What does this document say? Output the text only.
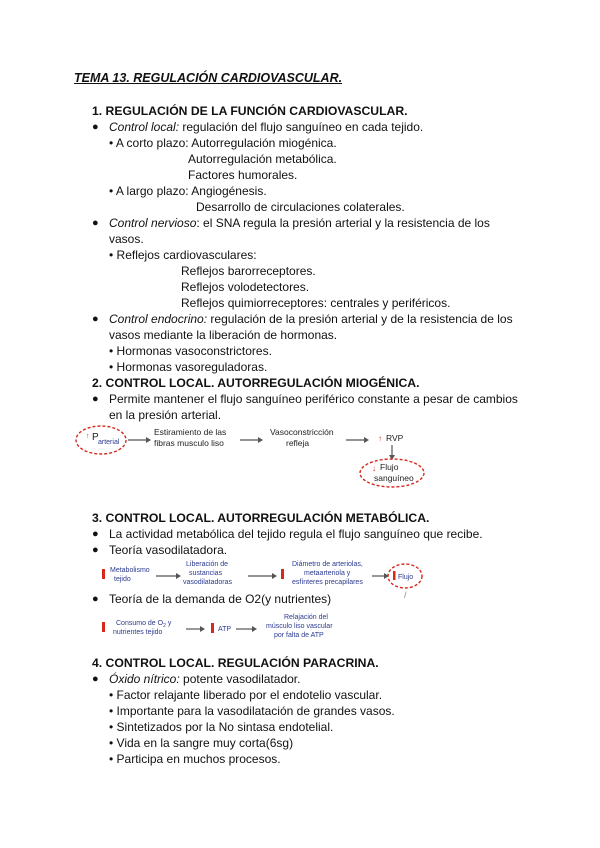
TEMA 13. REGULACIÓN CARDIOVASCULAR.
1. REGULACIÓN DE LA FUNCIÓN CARDIOVASCULAR.
● Control local: regulación del flujo sanguíneo en cada tejido.
• A corto plazo: Autorregulación miogénica.
Autorregulación metabólica.
Factores humorales.
• A largo plazo: Angiogénesis.
Desarrollo de circulaciones colaterales.
● Control nervioso: el SNA regula la presión arterial y la resistencia de los
vasos.
• Reflejos cardiovasculares:
Reflejos barorreceptores.
Reflejos volodetectores.
Reflejos quimiorreceptores: centrales y periféricos.
● Control endocrino: regulación de la presión arterial y de la resistencia de los
vasos mediante la liberación de hormonas.
• Hormonas vasoconstrictores.
• Hormonas vasoreguladoras.
2. CONTROL LOCAL. AUTORREGULACIÓN MIOGÉNICA.
● Permite mantener el flujo sanguíneo periférico constante a pesar de cambios
en la presión arterial.
↑ P arterial
Estiramiento de las
fibras musculo liso
Vasoconstricción
refleja	↑ RVP
↓ Flujo
sanguíneo
3. CONTROL LOCAL. AUTORREGULACIÓN METABÓLICA.
● La actividad metabólica del tejido regula el flujo sanguíneo que recibe.
● Teoría vasodilatadora.
Metabolismo
tejido
Liberación de
sustancias
vasodilatadoras
Diámetro de arteriolas,
metaarteriola y
esfínteres precapilares
Flujo
● Teoría de la demanda de O2(y nutrientes)	/
Consumo de $O_2$ y
nutrientes tejido	ATP
Relajación del
músculo liso vascular
por falta de ATP
4. CONTROL LOCAL. REGULACIÓN PARACRINA.
● Óxido nítrico: potente vasodilatador.
• Factor relajante liberado por el endotelio vascular.
• Importante para la vasodilatación de grandes vasos.
• Sintetizados por la No sintasa endotelial.
• Vida en la sangre muy corta(6sg)
• Participa en muchos procesos.
